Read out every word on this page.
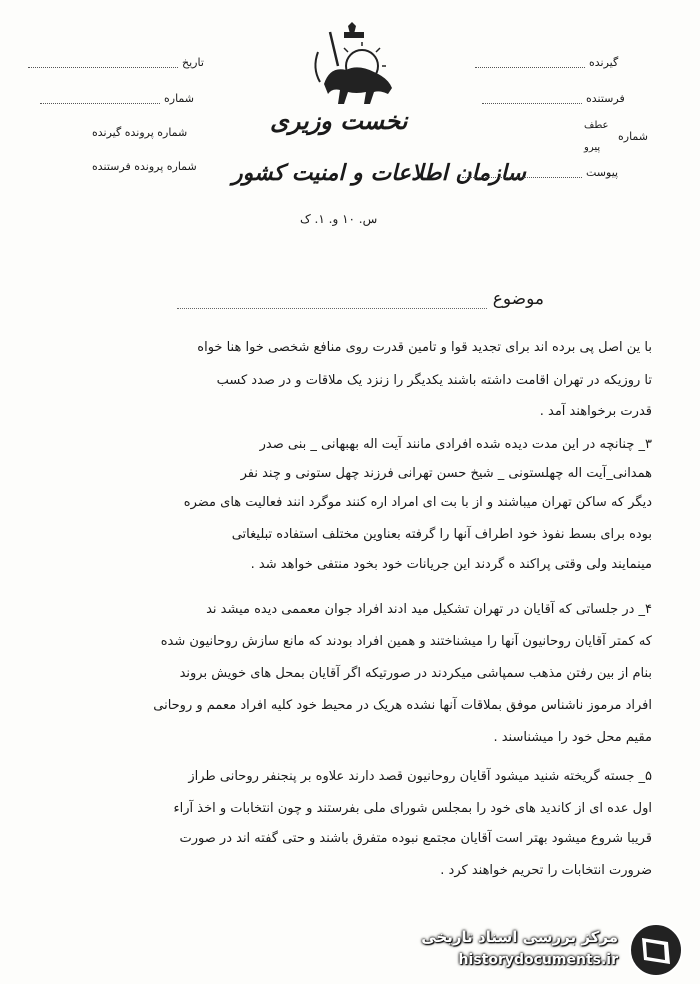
تاریخ
شماره
شماره پرونده گیرنده
شماره پرونده فرستنده
نخست وزیری
سازمان اطلاعات و امنیت کشور
س. ۱۰ و. ۱. ک
گیرنده
فرستنده
شماره
عطف
پیرو
پیوست
موضوع
با ین اصل پی برده اند برای تجدید قوا و تامین قدرت روی منافع شخصی خوا هنا خواه
تا روزیکه در تهران اقامت داشته باشند یکدیگر را زنزد یک ملاقات و در صدد کسب
قدرت برخواهند آمد .
۳_ چنانچه در این مدت دیده شده افرادی مانند آیت اله بهبهانی _ بنی صدر
همدانی_آیت اله چهلستونی _ شیخ حسن تهرانی فرزند چهل ستونی و چند نفر
دیگر که ساکن تهران میباشند و از با بت ای امراد اره کنند موگرد انند فعالیت های مضره
بوده برای بسط نفوذ خود اطراف آنها را گرفته بعناوین مختلف استفاده تبلیغاتی
مینمایند ولی وقتی پراکند ه گردند این جریانات خود بخود منتفی خواهد شد .
۴_ در جلساتی که آقایان در تهران تشکیل مید ادند افراد جوان معممی دیده میشد ند
که کمتر آقایان روحانیون آنها را میشناختند و همین افراد بودند که مانع سازش روحانیون شده
بنام از بین رفتن مذهب سمپاشی میکردند در صورتیکه اگر آقایان بمحل های خویش بروند
افراد مرموز ناشناس موفق بملاقات آنها نشده هریک در محیط خود کلیه افراد معمم و روحانی
مقیم محل خود را میشناسند .
۵_ جسته گریخته شنید میشود آقایان روحانیون قصد دارند علاوه بر پنجنفر روحانی طراز
اول عده ای از کاندید های خود را بمجلس شورای ملی بفرستند و چون انتخابات و اخذ آراء
قریبا شروع میشود بهتر است آقایان مجتمع نبوده متفرق باشند و حتی گفته اند در صورت
ضرورت انتخابات را تحریم خواهند کرد .
مرکز بررسی اسناد تاریخی
historydocuments.ir
